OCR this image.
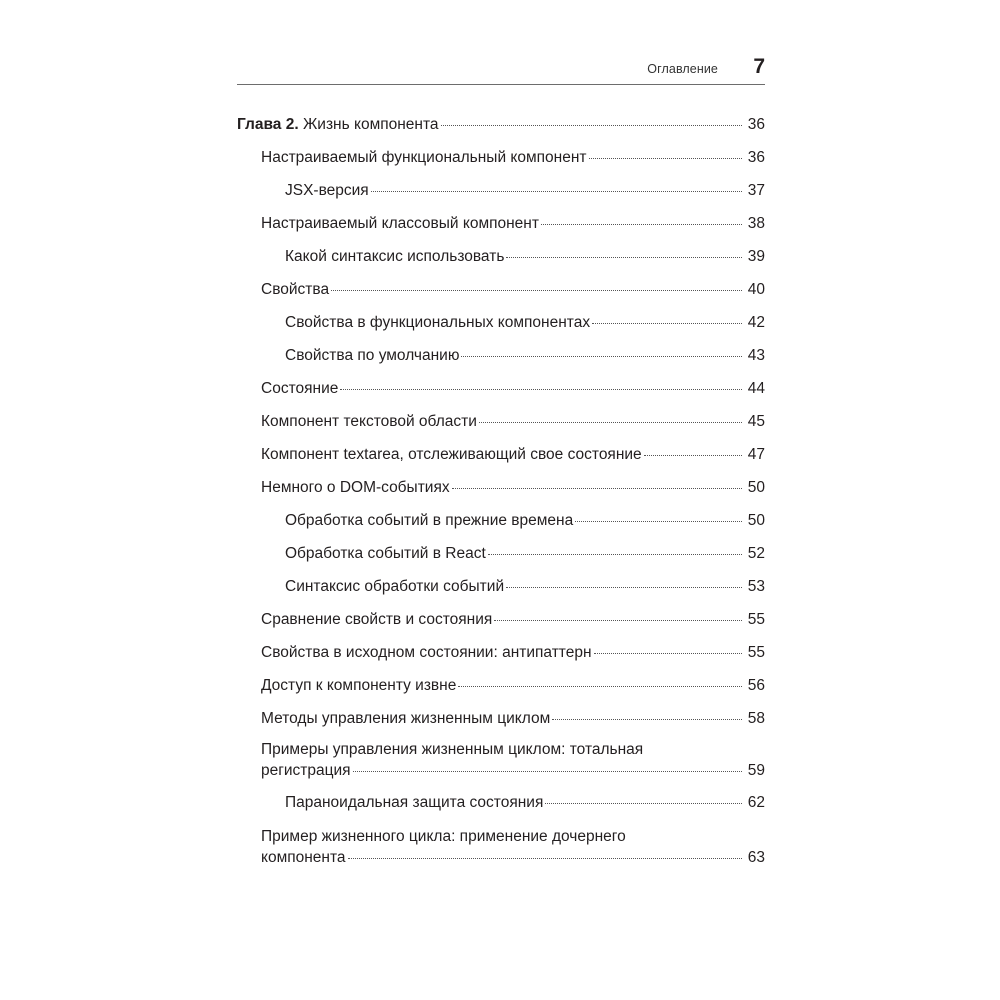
Оглавление 7
Глава 2. Жизнь компонента	36
Настраиваемый функциональный компонент	36
JSX-версия	37
Настраиваемый классовый компонент	38
Какой синтаксис использовать	39
Свойства	40
Свойства в функциональных компонентах	42
Свойства по умолчанию	43
Состояние	44
Компонент текстовой области	45
Компонент textarea, отслеживающий свое состояние	47
Немного о DOM-событиях	50
Обработка событий в прежние времена	50
Обработка событий в React	52
Синтаксис обработки событий	53
Сравнение свойств и состояния	55
Свойства в исходном состоянии: антипаттерн	55
Доступ к компоненту извне	56
Методы управления жизненным циклом	58
Примеры управления жизненным циклом: тотальная
регистрация	59
Параноидальная защита состояния	62
Пример жизненного цикла: применение дочернего
компонента	63
